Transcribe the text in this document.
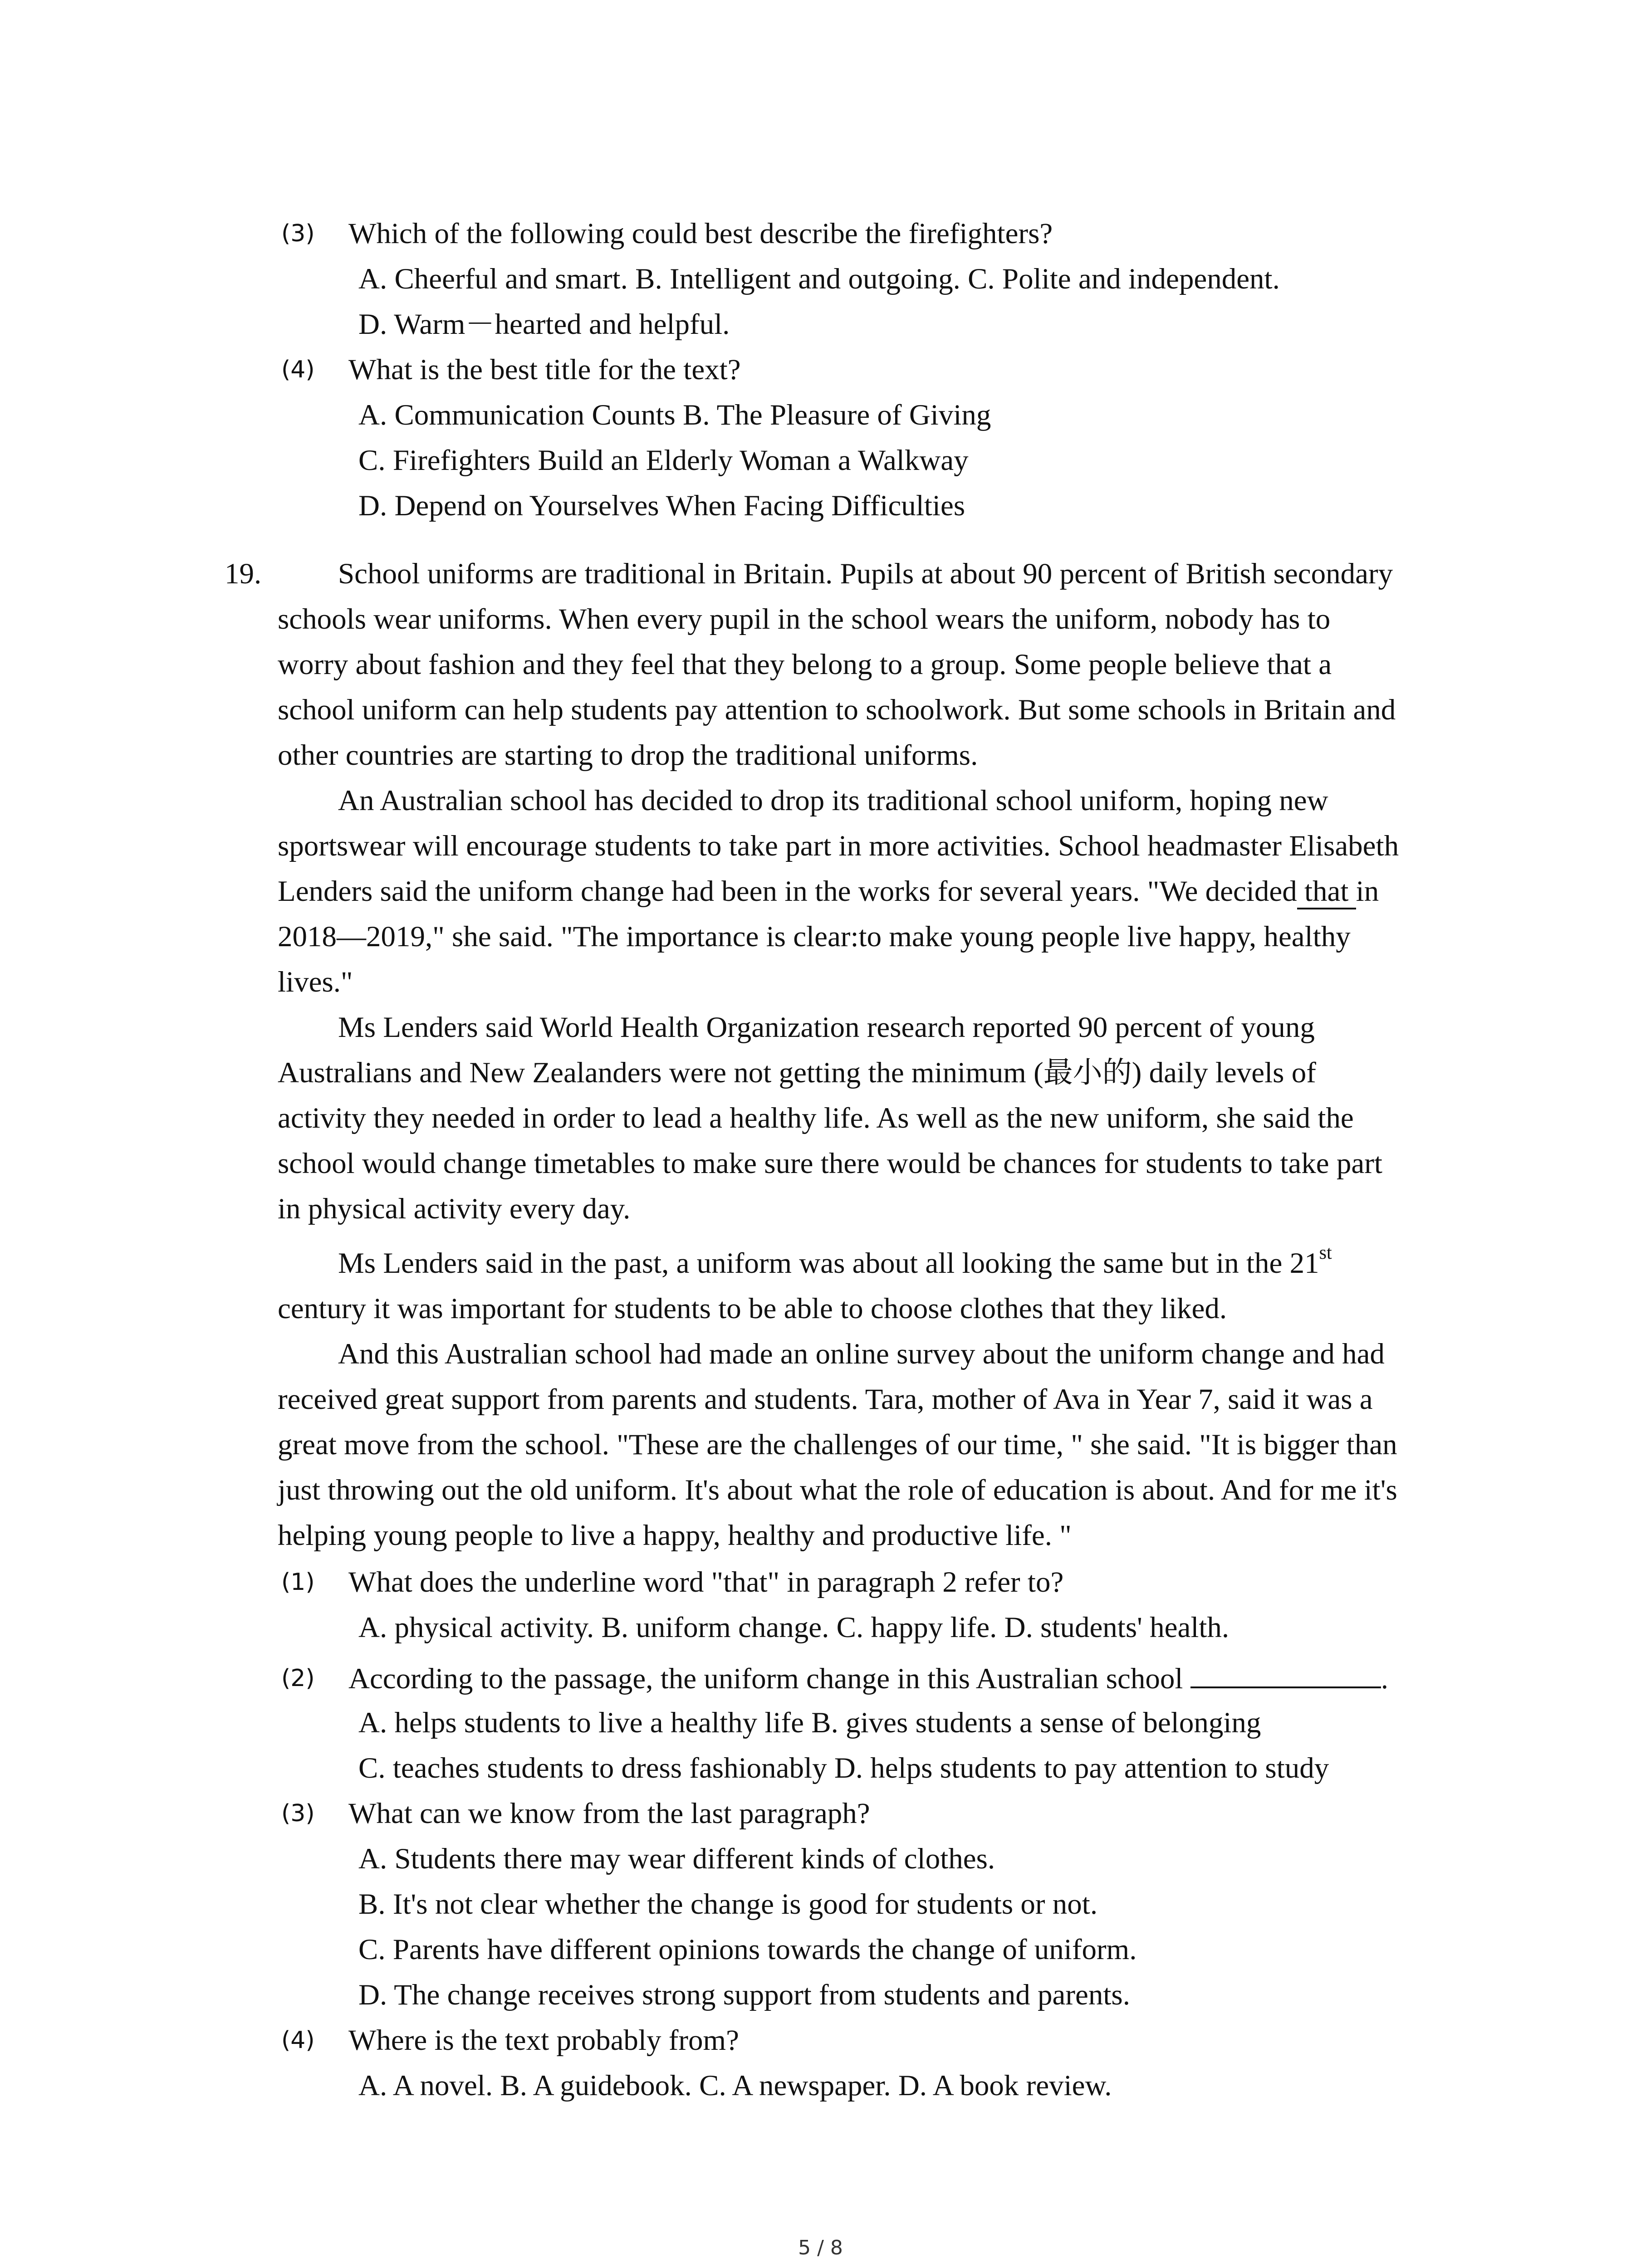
(3) Which of the following could best describe the firefighters?
A. Cheerful and smart. B. Intelligent and outgoing. C. Polite and independent.
D. Warm－hearted and helpful.
(4) What is the best title for the text?
A. Communication Counts B. The Pleasure of Giving
C. Firefighters Build an Elderly Woman a Walkway
D. Depend on Yourselves When Facing Difficulties
19.	School uniforms are traditional in Britain. Pupils at about 90 percent of British secondary
schools wear uniforms. When every pupil in the school wears the uniform, nobody has to
worry about fashion and they feel that they belong to a group. Some people believe that a
school uniform can help students pay attention to schoolwork. But some schools in Britain and
other countries are starting to drop the traditional uniforms.
An Australian school has decided to drop its traditional school uniform, hoping new
sportswear will encourage students to take part in more activities. School headmaster Elisabeth
Lenders said the uniform change had been in the works for several years. "We decided that in
2018—2019," she said. "The importance is clear:to make young people live happy, healthy
lives."
Ms Lenders said World Health Organization research reported 90 percent of young
Australians and New Zealanders were not getting the minimum (最小的) daily levels of
activity they needed in order to lead a healthy life. As well as the new uniform, she said the
school would change timetables to make sure there would be chances for students to take part
in physical activity every day.
Ms Lenders said in the past, a uniform was about all looking the same but in the 21st
century it was important for students to be able to choose clothes that they liked.
And this Australian school had made an online survey about the uniform change and had
received great support from parents and students. Tara, mother of Ava in Year 7, said it was a
great move from the school. "These are the challenges of our time, " she said. "It is bigger than
just throwing out the old uniform. It's about what the role of education is about. And for me it's
helping young people to live a happy, healthy and productive life. "
(1) What does the underline word "that" in paragraph 2 refer to?
A. physical activity. B. uniform change. C. happy life. D. students' health.
(2) According to the passage, the uniform change in this Australian school	.
A. helps students to live a healthy life B. gives students a sense of belonging
C. teaches students to dress fashionably D. helps students to pay attention to study
(3) What can we know from the last paragraph?
A. Students there may wear different kinds of clothes.
B. It's not clear whether the change is good for students or not.
C. Parents have different opinions towards the change of uniform.
D. The change receives strong support from students and parents.
(4) Where is the text probably from?
A. A novel. B. A guidebook. C. A newspaper. D. A book review.
5 / 8
